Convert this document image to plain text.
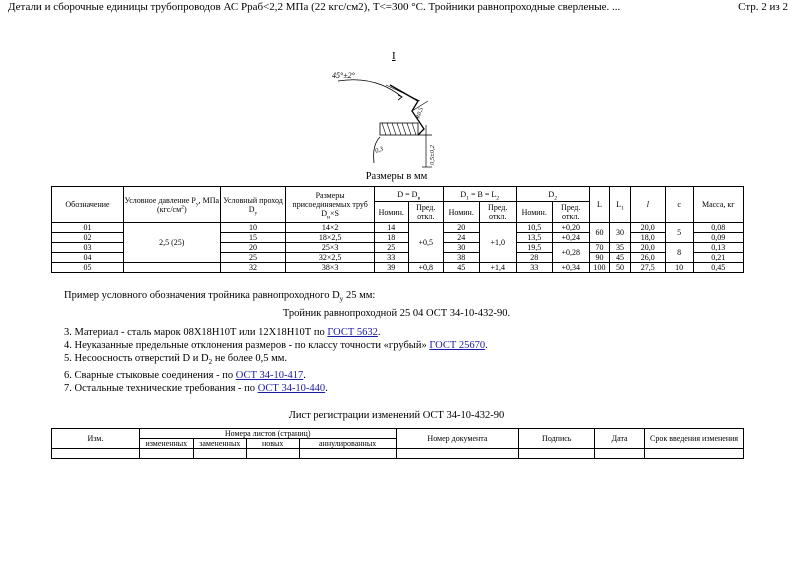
Детали и сборочные единицы трубопроводов АС Рраб<2,2 МПа (22 кгс/см2), Т<=300 °С. Тройники равнопроходные сверленые. ...	Стр. 2 из 2
I
45°±2°
R0,5
0,3	0,5±0,2
Размеры в мм
Обозначение	Условное давление $P_у$, МПа $(кгс/см^2)$	Условный проход $D_у$	Размеры присоединяемых труб $D_н\times S$	$D = D_в$		$D_1 = B = L_2$		$D_2$		L	$L_1$	l	c	Масса, кг
				Номин.	Пред. откл.	Номин.	Пред. откл.	Номин.	Пред. откл.					
01	2,5 (25)	10	14×2	14	+0,5	20	+1,0	10,5	+0,20	60	30	20,0	5	0,08
02		15	18×2,5	18		24		13,5	+0,24			18,0		0,09
03		20	25×3	25		30		19,5	+0,28	70	35	20,0	8	0,13
04		25	32×2,5	33		38		28		90	45	26,0		0,21
05		32	38×3	39	+0,8	45	+1,4	33	+0,34	100	50	27,5	10	0,45
Пример условного обозначения тройника равнопроходного $D_у$ 25 мм:
Тройник равнопроходной 25 04 ОСТ 34-10-432-90.
3. Материал - сталь марок 08Х18Н10Т или 12Х18Н10Т по ГОСТ 5632.
4. Неуказанные предельные отклонения размеров - по классу точности «грубый» ГОСТ 25670.
5. Несоосность отверстий D и $D_2$ не более 0,5 мм.
6. Сварные стыковые соединения - по ОСТ 34-10-417.
7. Остальные технические требования - по ОСТ 34-10-440.
Лист регистрации изменений ОСТ 34-10-432-90
Изм.	Номера листов (страниц)				Номер документа	Подпись	Дата	Срок введения изменения
	измененных	замененных	новых	аннулированных				
